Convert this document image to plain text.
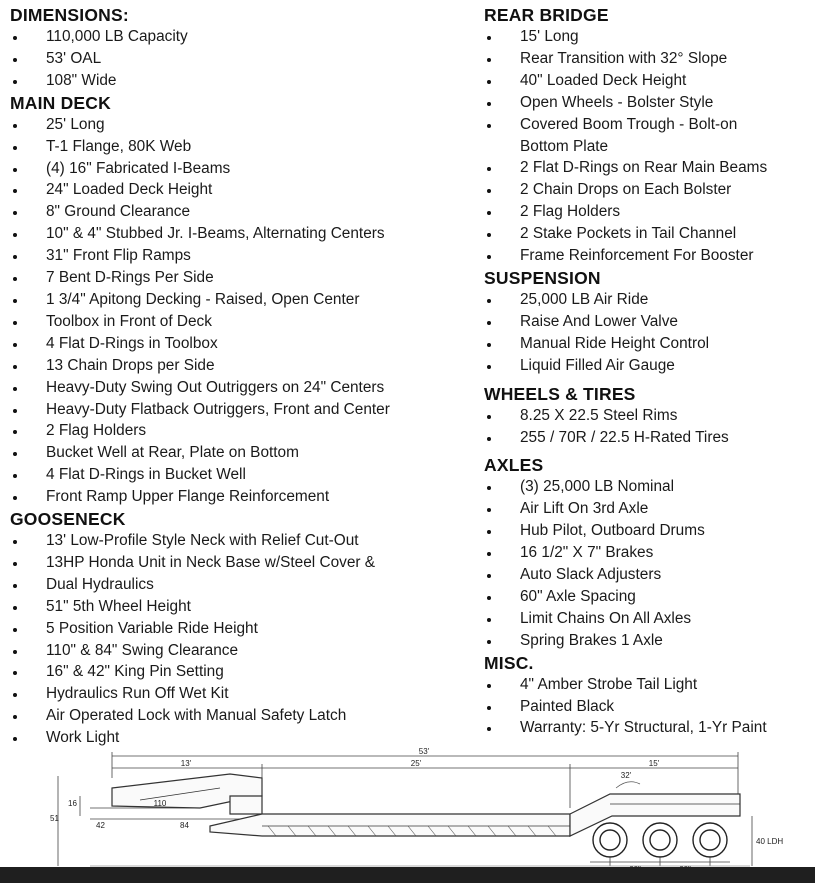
DIMENSIONS:
110,000 LB Capacity
53' OAL
108" Wide
MAIN DECK
25' Long
T-1 Flange, 80K Web
(4) 16" Fabricated I-Beams
24" Loaded Deck Height
8" Ground Clearance
10" & 4" Stubbed Jr. I-Beams, Alternating Centers
31" Front Flip Ramps
7 Bent D-Rings Per Side
1 3/4" Apitong Decking - Raised, Open Center
Toolbox in Front of Deck
4 Flat D-Rings in Toolbox
13 Chain Drops per Side
Heavy-Duty Swing Out Outriggers on 24" Centers
Heavy-Duty Flatback Outriggers, Front and Center
2 Flag Holders
Bucket Well at Rear, Plate on Bottom
4 Flat D-Rings in Bucket Well
Front Ramp Upper Flange Reinforcement
GOOSENECK
13' Low-Profile Style Neck with Relief Cut-Out
13HP Honda Unit in Neck Base w/Steel Cover &
Dual Hydraulics
51" 5th Wheel Height
5 Position Variable Ride Height
110" & 84" Swing Clearance
16" & 42" King Pin Setting
Hydraulics Run Off Wet Kit
Air Operated Lock with Manual Safety Latch
Work Light
REAR BRIDGE
15' Long
Rear Transition with 32° Slope
40" Loaded Deck Height
Open Wheels - Bolster Style
Covered Boom Trough - Bolt-on
Bottom Plate
2 Flat D-Rings on Rear Main Beams
2 Chain Drops on Each Bolster
2 Flag Holders
2 Stake Pockets in Tail Channel
Frame Reinforcement For Booster
SUSPENSION
25,000 LB Air Ride
Raise And Lower Valve
Manual Ride Height Control
Liquid Filled Air Gauge
WHEELS & TIRES
8.25 X 22.5 Steel Rims
255 / 70R / 22.5 H-Rated Tires
AXLES
(3) 25,000 LB Nominal
Air Lift On 3rd Axle
Hub Pilot, Outboard Drums
16 1/2" X 7" Brakes
Auto Slack Adjusters
60" Axle Spacing
Limit Chains On All Axles
Spring Brakes 1 Axle
MISC.
4" Amber Strobe Tail Light
Painted Black
Warranty: 5-Yr Structural, 1-Yr Paint
53'
13'	25'	15'
32'
51
16	110
42	84
40 LDH
